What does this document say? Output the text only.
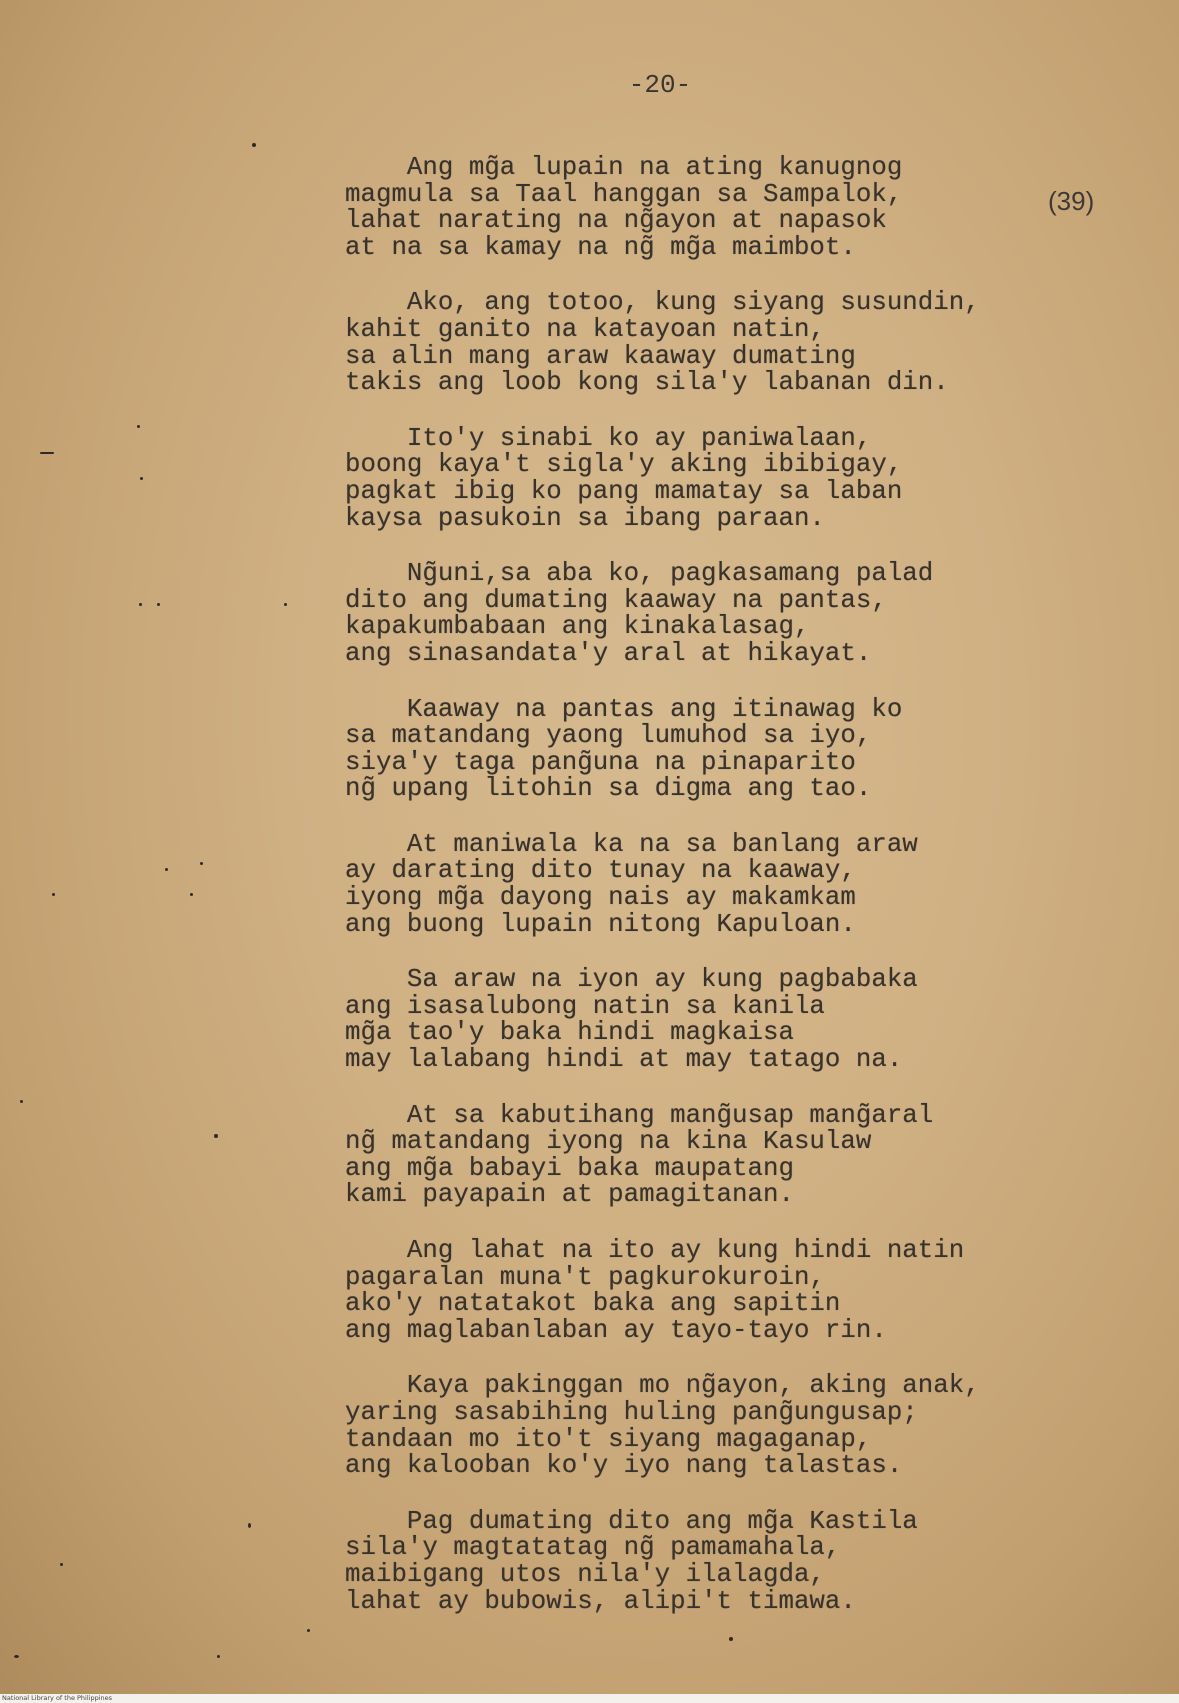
-20-
(39)
Ang mg̃a lupain na ating kanugnog
magmula sa Taal hanggan sa Sampalok,
lahat narating na ng̃ayon at napasok
at na sa kamay na ng̃ mg̃a maimbot.
Ako, ang totoo, kung siyang susundin,
kahit ganito na katayoan natin,
sa alin mang araw kaaway dumating
takis ang loob kong sila'y labanan din.
Ito'y sinabi ko ay paniwalaan,
boong kaya't sigla'y aking ibibigay,
pagkat ibig ko pang mamatay sa laban
kaysa pasukoin sa ibang paraan.
Ng̃uni,sa aba ko, pagkasamang palad
dito ang dumating kaaway na pantas,
kapakumbabaan ang kinakalasag,
ang sinasandata'y aral at hikayat.
Kaaway na pantas ang itinawag ko
sa matandang yaong lumuhod sa iyo,
siya'y taga pang̃una na pinaparito
ng̃ upang litohin sa digma ang tao.
At maniwala ka na sa banlang araw
ay darating dito tunay na kaaway,
iyong mg̃a dayong nais ay makamkam
ang buong lupain nitong Kapuloan.
Sa araw na iyon ay kung pagbabaka
ang isasalubong natin sa kanila
mg̃a tao'y baka hindi magkaisa
may lalabang hindi at may tatago na.
At sa kabutihang mang̃usap mang̃aral
ng̃ matandang iyong na kina Kasulaw
ang mg̃a babayi baka maupatang
kami payapain at pamagitanan.
Ang lahat na ito ay kung hindi natin
pagaralan muna't pagkurokuroin,
ako'y natatakot baka ang sapitin
ang maglabanlaban ay tayo-tayo rin.
Kaya pakinggan mo ng̃ayon, aking anak,
yaring sasabihing huling pang̃ungusap;
tandaan mo ito't siyang magaganap,
ang kalooban ko'y iyo nang talastas.
Pag dumating dito ang mg̃a Kastila
sila'y magtatatag ng̃ pamamahala,
maibigang utos nila'y ilalagda,
lahat ay bubowis, alipi't timawa.
National Library of the Philippines
